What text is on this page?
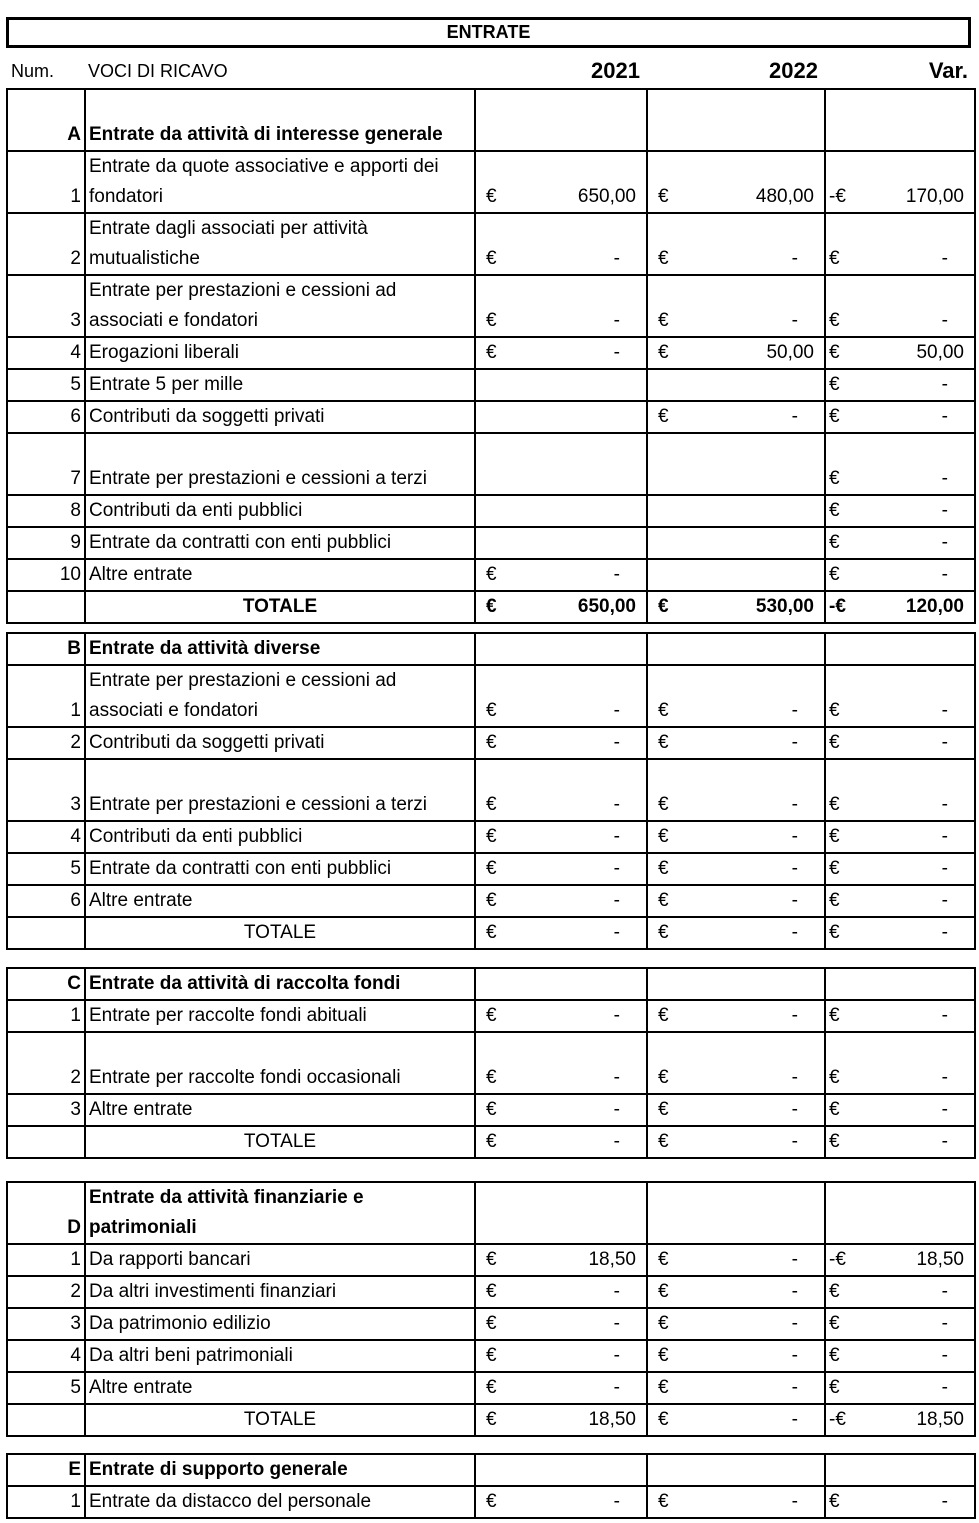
ENTRATE
Num. VOCI DI RICAVO	2021	2022	Var.
A	Entrate da attività di interesse generale			
1	Entrate da quote associative e apporti dei fondatori	€ 650,00	€ 480,00	-€ 170,00

2	Entrate dagli associati per attività mutualistiche	€ -	€ -	€ -

3	Entrate per prestazioni e cessioni ad associati e fondatori	€ -	€ -	€ -

4	Erogazioni liberali	€ -	€ 50,00	€ 50,00

5	Entrate 5 per mille			€ -

6	Contributi da soggetti privati		€ -	€ -

7	Entrate per prestazioni e cessioni a terzi			€ -

8	Contributi da enti pubblici			€ -

9	Entrate da contratti con enti pubblici			€ -

10	Altre entrate	€ -		€ -

	TOTALE	€ 650,00	€ 530,00	-€ 120,00
B	Entrate da attività diverse			
1	Entrate per prestazioni e cessioni ad associati e fondatori	€ -	€ -	€ -

2	Contributi da soggetti privati	€ -	€ -	€ -

3	Entrate per prestazioni e cessioni a terzi	€ -	€ -	€ -

4	Contributi da enti pubblici	€ -	€ -	€ -

5	Entrate da contratti con enti pubblici	€ -	€ -	€ -

6	Altre entrate	€ -	€ -	€ -

	TOTALE	€ -	€ -	€ -
C	Entrate da attività di raccolta fondi			
1	Entrate per raccolte fondi abituali	€ -	€ -	€ -

2	Entrate per raccolte fondi occasionali	€ -	€ -	€ -

3	Altre entrate	€ -	€ -	€ -

	TOTALE	€ -	€ -	€ -
D	Entrate da attività finanziarie e patrimoniali			
1	Da rapporti bancari	€ 18,50	€ -	-€ 18,50

2	Da altri investimenti finanziari	€ -	€ -	€ -

3	Da patrimonio edilizio	€ -	€ -	€ -

4	Da altri beni patrimoniali	€ -	€ -	€ -

5	Altre entrate	€ -	€ -	€ -

	TOTALE	€ 18,50	€ -	-€ 18,50
E	Entrate di supporto generale			
1	Entrate da distacco del personale	€ -	€ -	€ -
